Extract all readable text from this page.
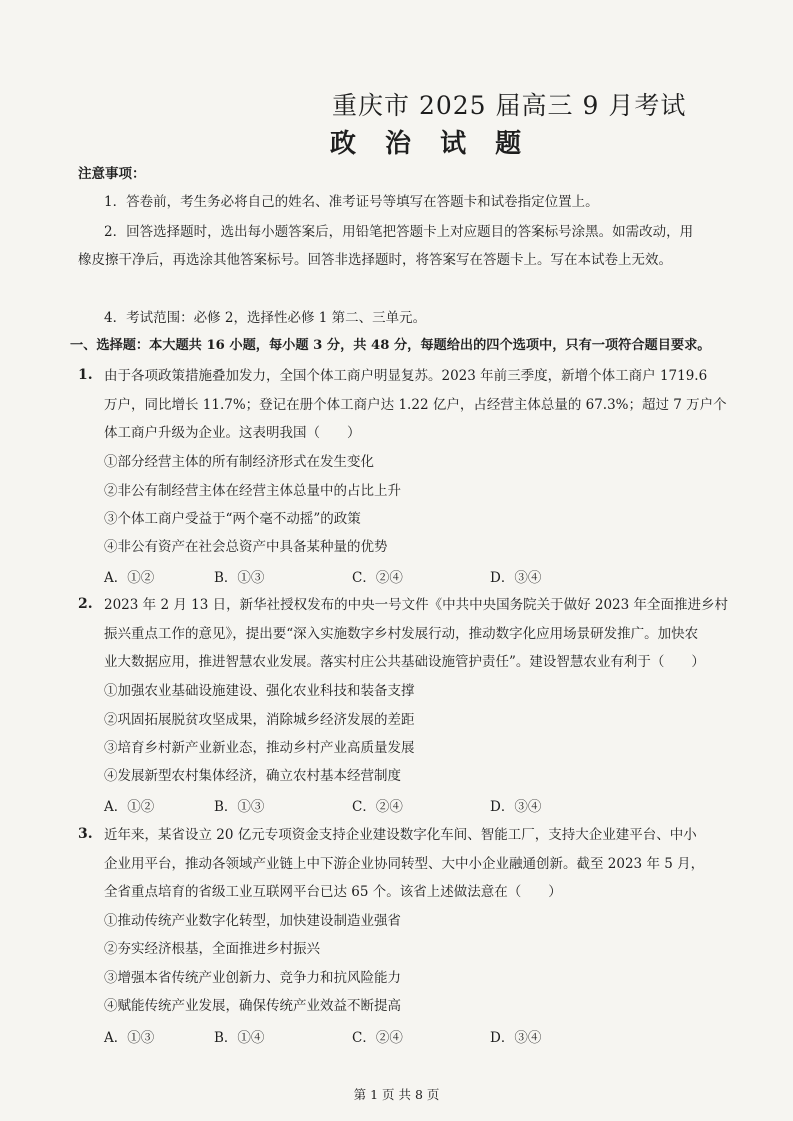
重庆市 2025 届高三 9 月考试
政 治 试 题
注意事项：
1．答卷前，考生务必将自己的姓名、准考证号等填写在答题卡和试卷指定位置上。
2．回答选择题时，选出每小题答案后，用铅笔把答题卡上对应题目的答案标号涂黑。如需改动，用
橡皮擦干净后，再选涂其他答案标号。回答非选择题时，将答案写在答题卡上。写在本试卷上无效。
4．考试范围：必修 2，选择性必修 1 第二、三单元。
一、选择题：本大题共 16 小题，每小题 3 分，共 48 分，每题给出的四个选项中，只有一项符合题目要求。
1. 由于各项政策措施叠加发力，全国个体工商户明显复苏。2023 年前三季度，新增个体工商户 1719.6
万户，同比增长 11.7%；登记在册个体工商户达 1.22 亿户，占经营主体总量的 67.3%；超过 7 万户个
体工商户升级为企业。这表明我国（　　）
①部分经营主体的所有制经济形式在发生变化
②非公有制经营主体在经营主体总量中的占比上升
③个体工商户受益于“两个毫不动摇”的政策
④非公有资产在社会总资产中具备某种量的优势
A．①②	B．①③	C．②④	D．③④
2. 2023 年 2 月 13 日，新华社授权发布的中央一号文件《中共中央国务院关于做好 2023 年全面推进乡村
振兴重点工作的意见》，提出要“深入实施数字乡村发展行动，推动数字化应用场景研发推广。加快农
业大数据应用，推进智慧农业发展。落实村庄公共基础设施管护责任”。建设智慧农业有利于（　　）
①加强农业基础设施建设、强化农业科技和装备支撑
②巩固拓展脱贫攻坚成果，消除城乡经济发展的差距
③培育乡村新产业新业态，推动乡村产业高质量发展
④发展新型农村集体经济，确立农村基本经营制度
A．①②	B．①③	C．②④	D．③④
3. 近年来，某省设立 20 亿元专项资金支持企业建设数字化车间、智能工厂，支持大企业建平台、中小
企业用平台，推动各领域产业链上中下游企业协同转型、大中小企业融通创新。截至 2023 年 5 月，
全省重点培育的省级工业互联网平台已达 65 个。该省上述做法意在（　　）
①推动传统产业数字化转型，加快建设制造业强省
②夯实经济根基，全面推进乡村振兴
③增强本省传统产业创新力、竞争力和抗风险能力
④赋能传统产业发展，确保传统产业效益不断提高
A．①③	B．①④	C．②④	D．③④
第 1 页 共 8 页
